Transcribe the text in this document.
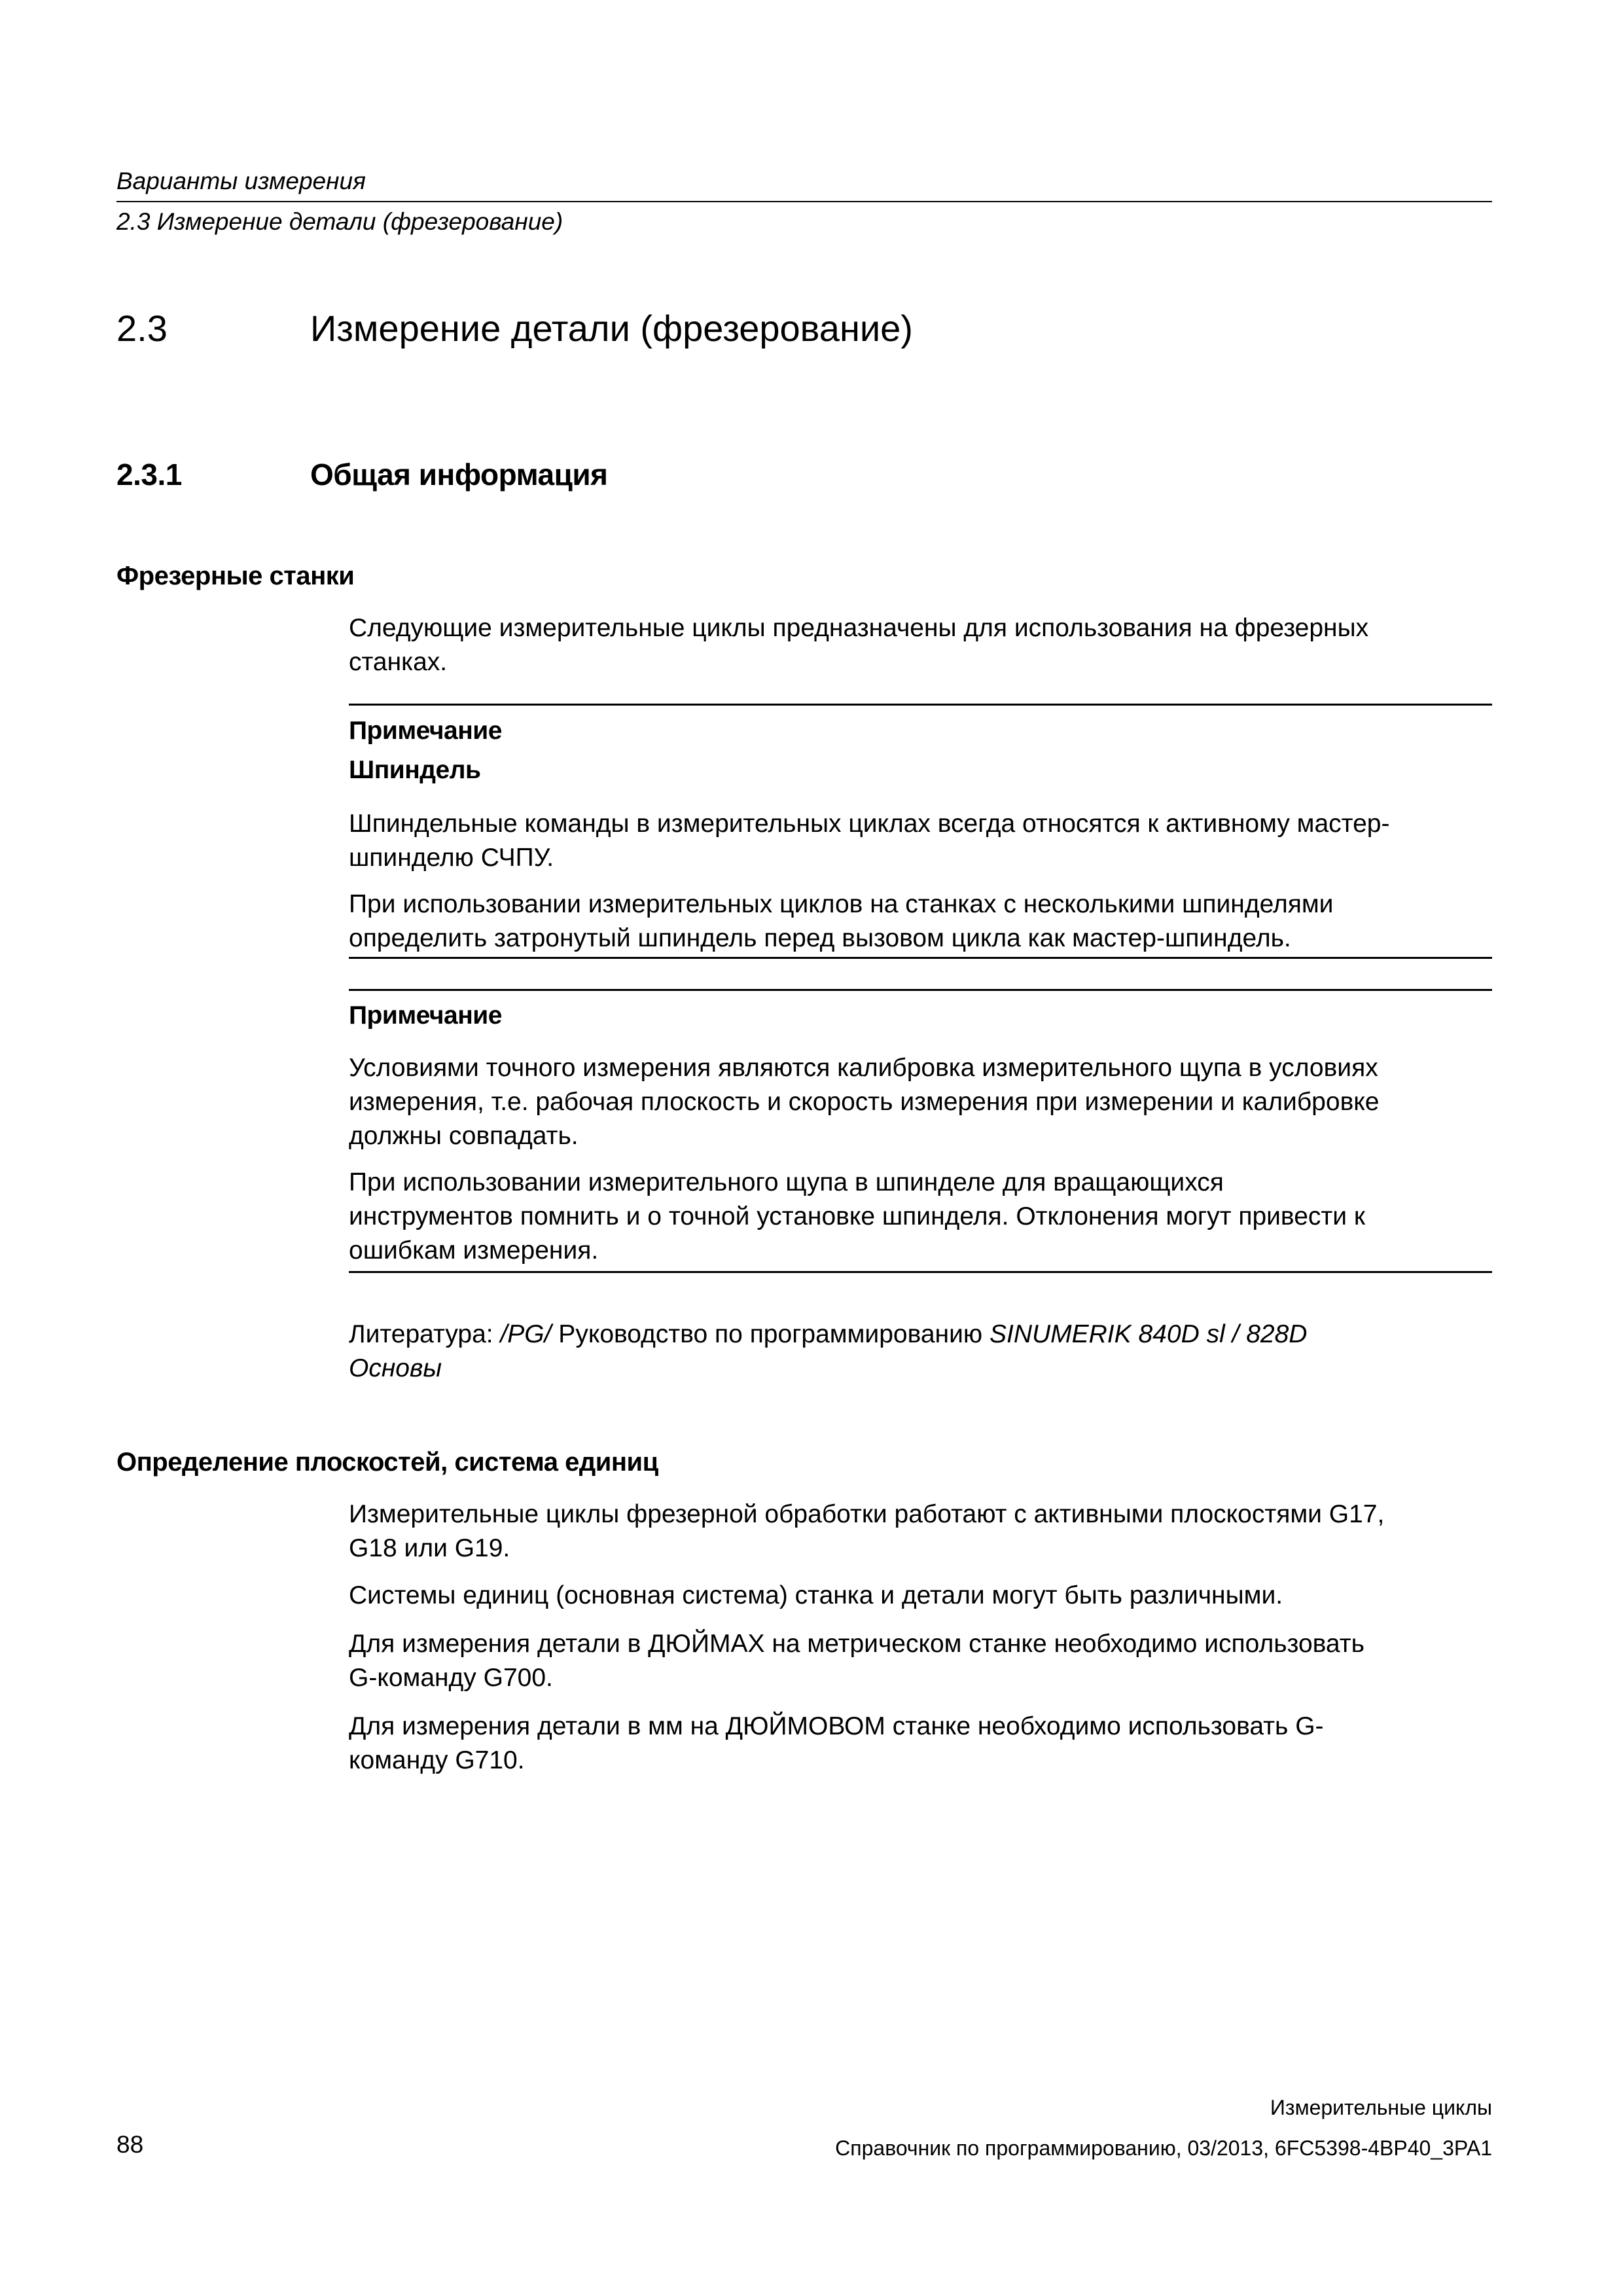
Варианты измерения
2.3 Измерение детали (фрезерование)
2.3	Измерение детали (фрезерование)
2.3.1	Общая информация
Фрезерные станки

Следующие измерительные циклы предназначены для использования на фрезерных

станках.

Примечание
Шпиндель

Шпиндельные команды в измерительных циклах всегда относятся к активному мастер-

шпинделю СЧПУ.

При использовании измерительных циклов на станках с несколькими шпинделями

определить затронутый шпиндель перед вызовом цикла как мастер-шпиндель.

Примечание

Условиями точного измерения являются калибровка измерительного щупа в условиях

измерения, т.е. рабочая плоскость и скорость измерения при измерении и калибровке

должны совпадать.

При использовании измерительного щупа в шпинделе для вращающихся

инструментов помнить и о точной установке шпинделя. Отклонения могут привести к

ошибкам измерения.

Литература: /PG/ Руководство по программированию SINUMERIK 840D sl / 828D

Основы

Определение плоскостей, система единиц

Измерительные циклы фрезерной обработки работают с активными плоскостями G17,

G18 или G19.

Системы единиц (основная система) станка и детали могут быть различными.

Для измерения детали в ДЮЙМАХ на метрическом станке необходимо использовать

G-команду G700.

Для измерения детали в мм на ДЮЙМОВОМ станке необходимо использовать G-

команду G710.

Измерительные циклы
88	Справочник по программированию, 03/2013, 6FC5398-4BP40_3PA1
